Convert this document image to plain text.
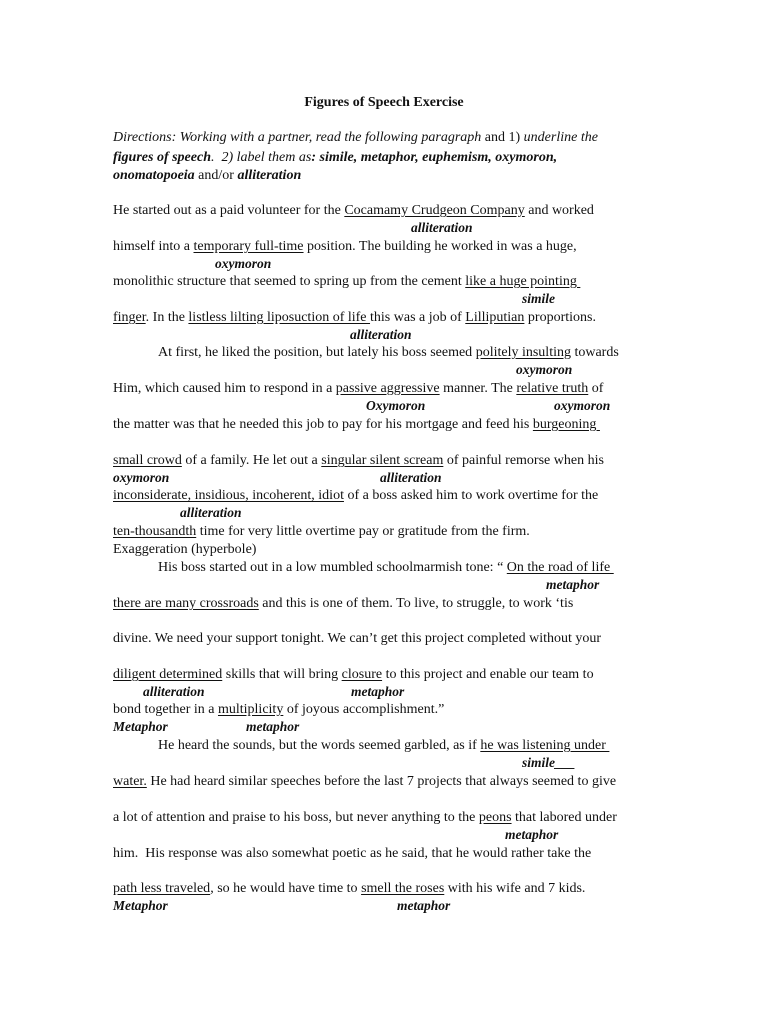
Figures of Speech Exercise
Directions: Working with a partner, read the following paragraph and 1) underline the
figures of speech.  2) label them as: simile, metaphor, euphemism, oxymoron,
onomatopoeia and/or alliteration
He started out as a paid volunteer for the Cocamamy Crudgeon Company and worked
alliteration
himself into a temporary full-time position. The building he worked in was a huge,
oxymoron
monolithic structure that seemed to spring up from the cement like a huge pointing
simile
finger. In the listless lilting liposuction of life this was a job of Lilliputian proportions.
alliteration
At first, he liked the position, but lately his boss seemed politely insulting towards
oxymoron
Him, which caused him to respond in a passive aggressive manner. The relative truth of
Oxymoron	oxymoron
the matter was that he needed this job to pay for his mortgage and feed his burgeoning
small crowd of a family. He let out a singular silent scream of painful remorse when his
oxymoron	alliteration
inconsiderate, insidious, incoherent, idiot of a boss asked him to work overtime for the
alliteration
ten-thousandth time for very little overtime pay or gratitude from the firm.
Exaggeration (hyperbole)
His boss started out in a low mumbled schoolmarmish tone: “ On the road of life
metaphor
there are many crossroads and this is one of them. To live, to struggle, to work ‘tis
divine. We need your support tonight. We can’t get this project completed without your
diligent determined skills that will bring closure to this project and enable our team to
alliteration	metaphor
bond together in a multiplicity of joyous accomplishment.”
Metaphor	metaphor
He heard the sounds, but the words seemed garbled, as if he was listening under
simile___
water. He had heard similar speeches before the last 7 projects that always seemed to give
a lot of attention and praise to his boss, but never anything to the peons that labored under
metaphor
him.  His response was also somewhat poetic as he said, that he would rather take the
path less traveled, so he would have time to smell the roses with his wife and 7 kids.
Metaphor	metaphor
